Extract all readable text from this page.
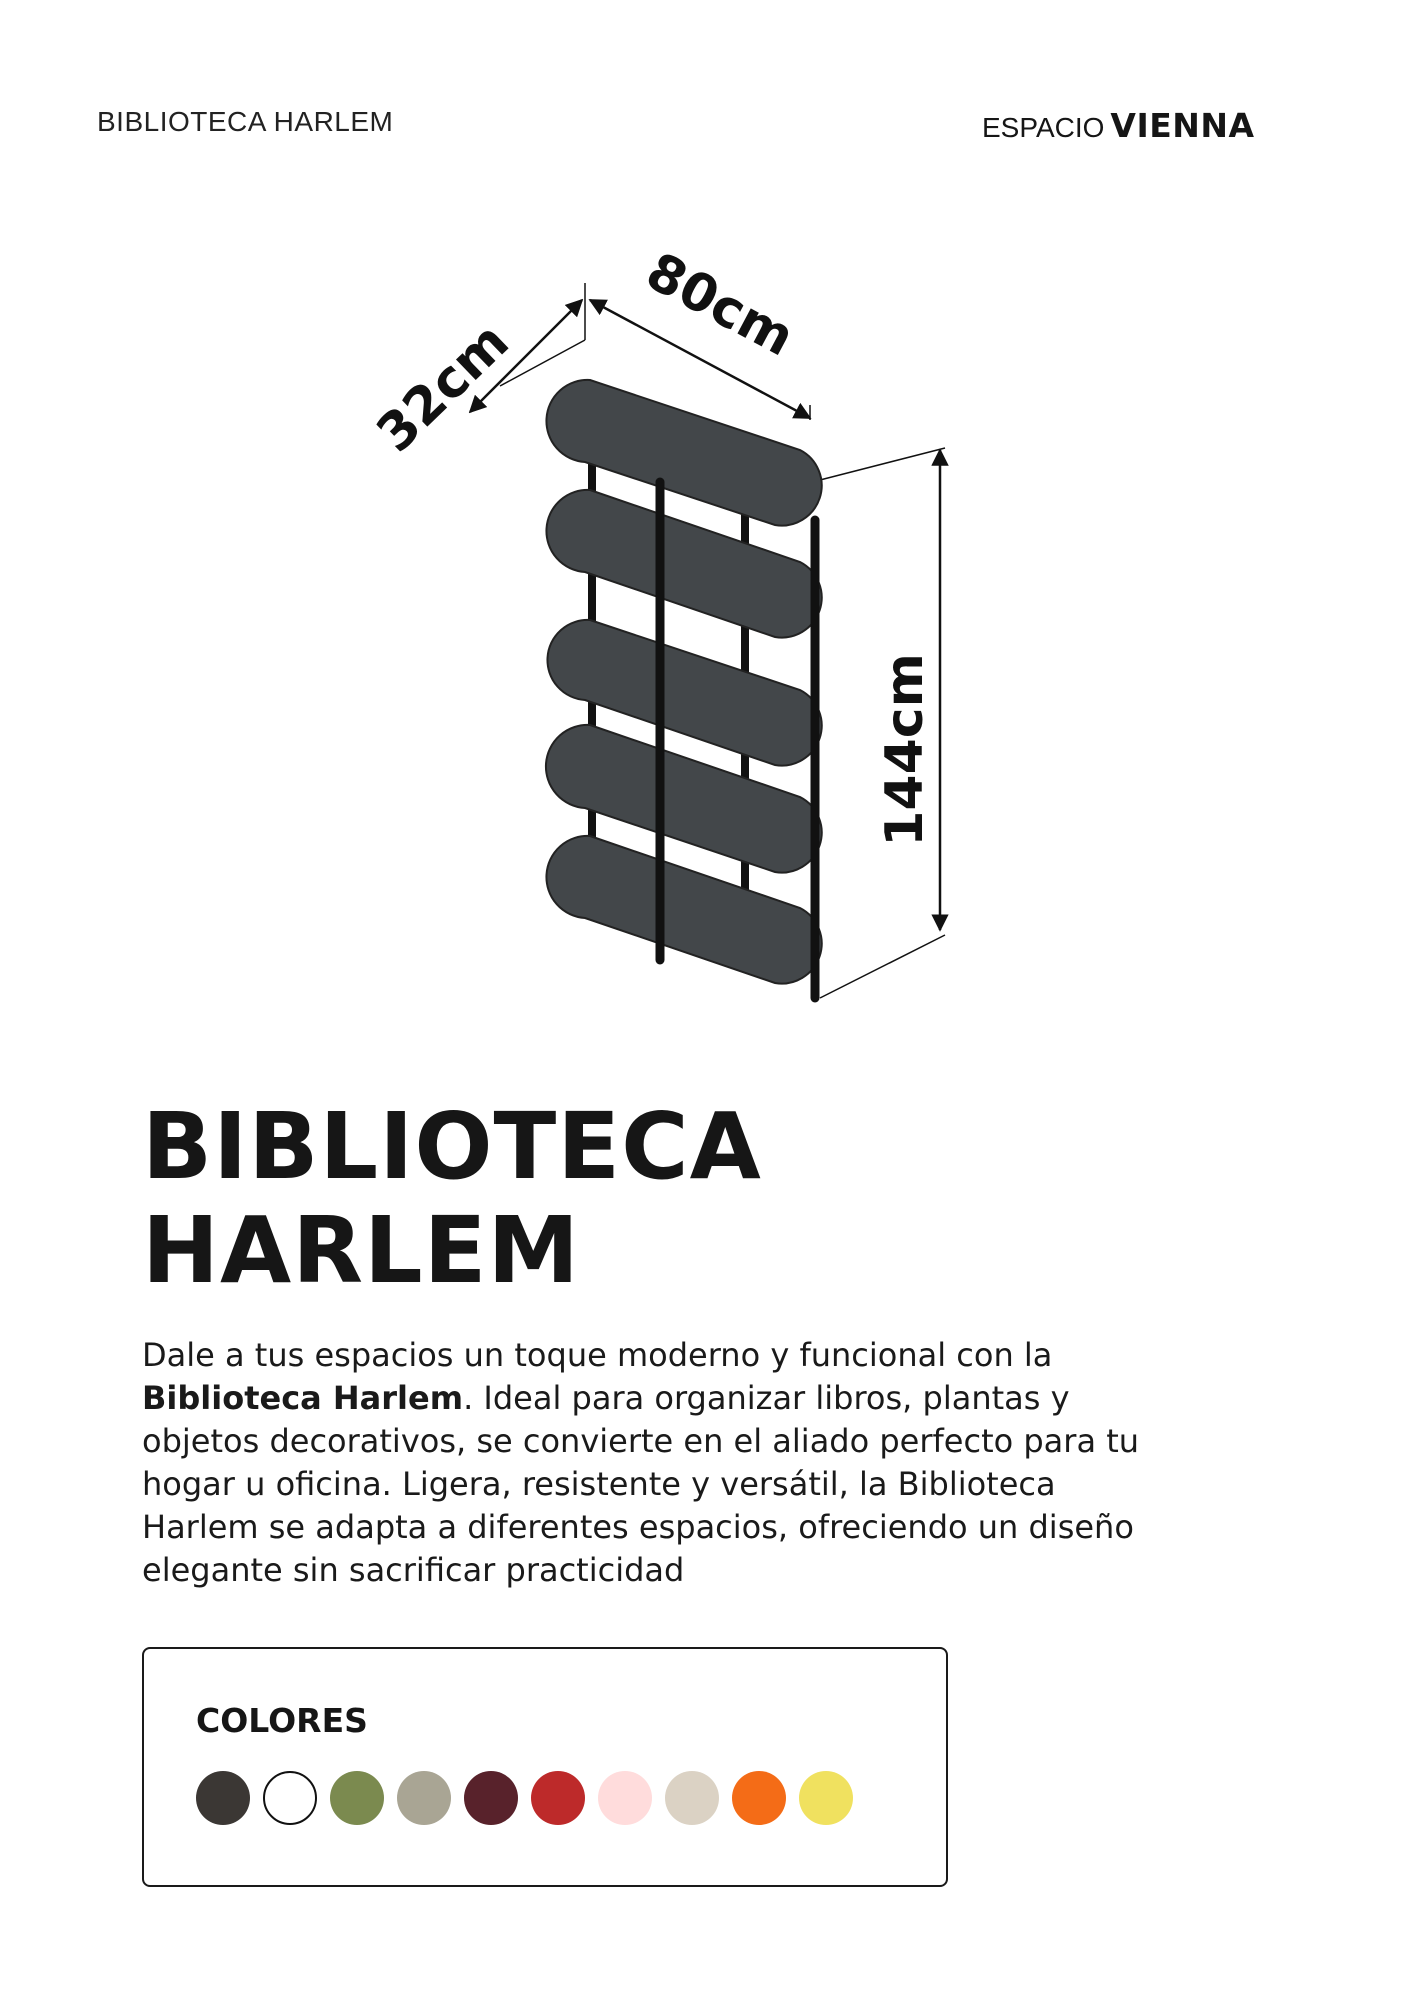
BIBLIOTECA HARLEM	ESPACIO VIENNA
32cm
80cm
144cm
BIBLIOTECA
HARLEM

Dale a tus espacios un toque moderno y funcional con la Biblioteca Harlem. Ideal para organizar libros, plantas y objetos decorativos, se convierte en el aliado perfecto para tu hogar u oficina. Ligera, resistente y versátil, la Biblioteca Harlem se adapta a diferentes espacios, ofreciendo un diseño elegante sin sacrificar practicidad

COLORES
